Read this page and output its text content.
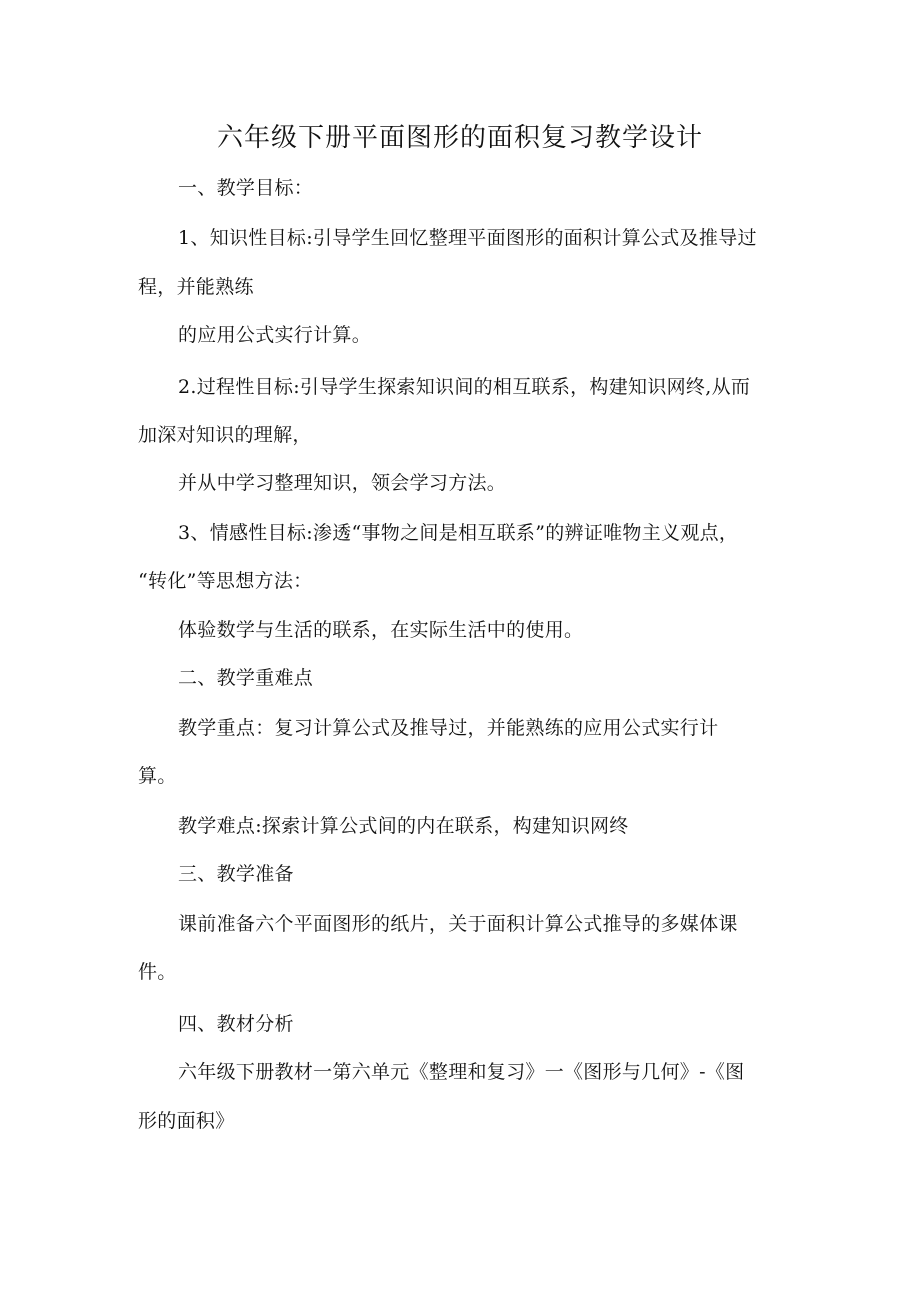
六年级下册平面图形的面积复习教学设计
一、教学目标：
1、知识性目标:引导学生回忆整理平面图形的面积计算公式及推导过
程，并能熟练
的应用公式实行计算。
2.过程性目标:引导学生探索知识间的相互联系，构建知识网终,从而
加深对知识的理解，
并从中学习整理知识，领会学习方法。
3、情感性目标:渗透“事物之间是相互联系”的辨证唯物主义观点，
“转化”等思想方法：
体验数学与生活的联系，在实际生活中的使用。
二、教学重难点
教学重点：复习计算公式及推导过，并能熟练的应用公式实行计
算。
教学难点:探索计算公式间的内在联系，构建知识网终
三、教学准备
课前准备六个平面图形的纸片，关于面积计算公式推导的多媒体课
件。
四、教材分析
六年级下册教材一第六单元《整理和复习》一《图形与几何》-《图
形的面积》
